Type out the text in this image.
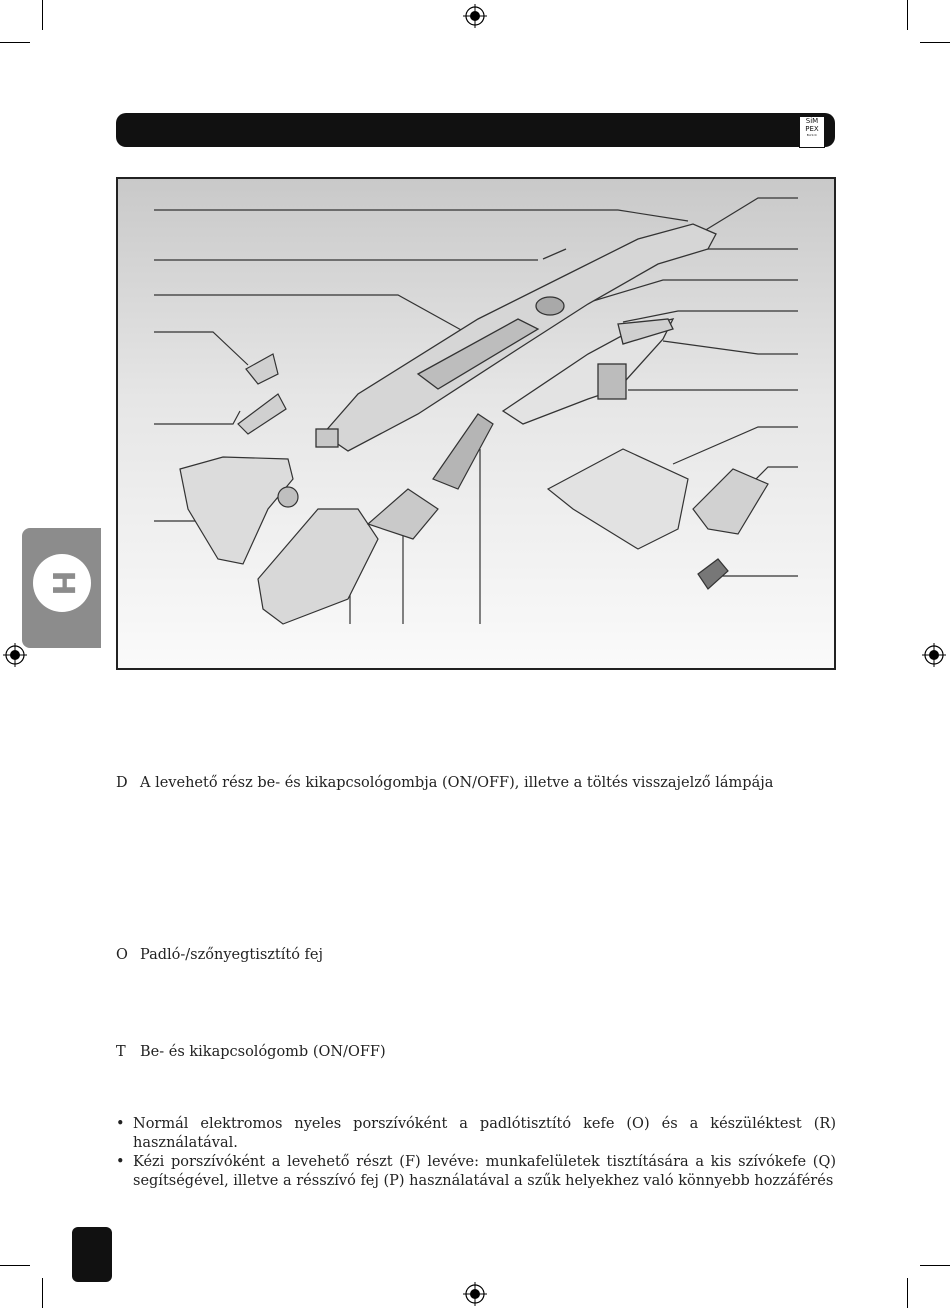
SiM
PEX
BASIC
H
D A levehető rész be- és kikapcsológombja (ON/OFF), illetve a töltés visszajelző lámpája
O Padló-/szőnyegtisztító fej
T Be- és kikapcsológomb (ON/OFF)
• Normál elektromos nyeles porszívóként a padlótisztító kefe (O) és a készüléktest (R) használatával.
• Kézi porszívóként a levehető részt (F) levéve: munkafelületek tisztítására a kis szívókefe (Q) segítségével, illetve a résszívó fej (P) használatával a szűk helyekhez való könnyebb hozzáférés
